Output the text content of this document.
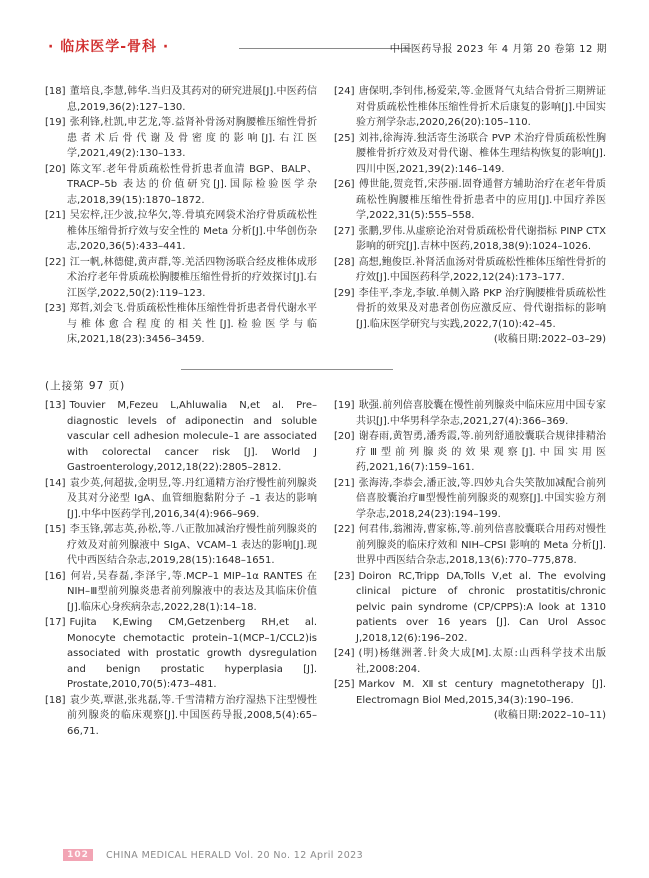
· 临床医学-骨科 ·	中国医药导报 2023 年 4 月第 20 卷第 12 期

[18] 董培良,李慧,韩华.当归及其药对的研究进展[J].中医药信息,2019,36(2):127–130.

[19] 张利锋,杜凯,申艺龙,等.益肾补骨汤对胸腰椎压缩性骨折患者术后骨代谢及骨密度的影响[J].右江医学,2021,49(2):130–133.

[20] 陈文军.老年骨质疏松性骨折患者血清 BGP、BALP、TRACP–5b 表达的价值研究[J].国际检验医学杂志,2018,39(15):1870–1872.

[21] 吴宏梓,汪少波,拉华欠,等.骨填充网袋术治疗骨质疏松性椎体压缩骨折疗效与安全性的 Meta 分析[J].中华创伤杂志,2020,36(5):433–441.

[22] 江一帆,林德健,黄声群,等.羌活四物汤联合经皮椎体成形术治疗老年骨质疏松胸腰椎压缩性骨折的疗效探讨[J].右江医学,2022,50(2):119–123.

[23] 郑哲,刘会飞.骨质疏松性椎体压缩性骨折患者骨代谢水平与椎体愈合程度的相关性[J].检验医学与临床,2021,18(23):3456–3459.

[24] 唐保明,李钊伟,杨爱荣,等.金匮肾气丸结合骨折三期辨证对骨质疏松性椎体压缩性骨折术后康复的影响[J].中国实验方剂学杂志,2020,26(20):105–110.

[25] 刘祎,徐海涛.独活寄生汤联合 PVP 术治疗骨质疏松性胸腰椎骨折疗效及对骨代谢、椎体生理结构恢复的影响[J].四川中医,2021,39(2):146–149.

[26] 傅世能,贺竞哲,宋莎丽.固脊通督方辅助治疗在老年骨质疏松性胸腰椎压缩性骨折患者中的应用[J].中国疗养医学,2022,31(5):555–558.

[27] 张鹏,罗伟.从虚瘀论治对骨质疏松骨代谢指标 PINP CTX 影响的研究[J].吉林中医药,2018,38(9):1024–1026.

[28] 高想,鲍俊臣.补肾活血汤对骨质疏松性椎体压缩性骨折的疗效[J].中国医药科学,2022,12(24):173–177.

[29] 李佳平,李龙,李敏.单侧入路 PKP 治疗胸腰椎骨质疏松性骨折的效果及对患者创伤应激反应、骨代谢指标的影响[J].临床医学研究与实践,2022,7(10):42–45.

(收稿日期:2022–03–29)

(上接第 97 页)

[13] Touvier M,Fezeu L,Ahluwalia N,et al. Pre–diagnostic levels of adiponectin and soluble vascular cell adhesion molecule–1 are associated with colorectal cancer risk [J]. World J Gastroenterology,2012,18(22):2805–2812.

[14] 袁少英,何超拔,金明昱,等.丹红通精方治疗慢性前列腺炎及其对分泌型 IgA、血管细胞黏附分子 –1 表达的影响[J].中华中医药学刊,2016,34(4):966–969.

[15] 李玉锋,郭志英,孙松,等.八正散加减治疗慢性前列腺炎的疗效及对前列腺液中 SIgA、VCAM–1 表达的影响[J].现代中西医结合杂志,2019,28(15):1648–1651.

[16] 何岩,吴春磊,李泽宇,等.MCP–1 MIP–1α RANTES 在 NIH–Ⅲ型前列腺炎患者前列腺液中的表达及其临床价值[J].临床心身疾病杂志,2022,28(1):14–18.

[17] Fujita K,Ewing CM,Getzenberg RH,et al. Monocyte chemotactic protein–1(MCP–1/CCL2)is associated with prostatic growth dysregulation and benign prostatic hyperplasia [J]. Prostate,2010,70(5):473–481.

[18] 袁少英,覃湛,张兆磊,等.千雪清精方治疗湿热下注型慢性前列腺炎的临床观察[J].中国医药导报,2008,5(4):65–66,71.

[19] 耿强.前列倍喜胶囊在慢性前列腺炎中临床应用中国专家共识[J].中华男科学杂志,2021,27(4):366–369.

[20] 谢春雨,黄智勇,潘秀霞,等.前列舒通胶囊联合规律排精治疗Ⅲ型前列腺炎的效果观察[J].中国实用医药,2021,16(7):159–161.

[21] 张海涛,李恭会,潘正波,等.四妙丸合失笑散加减配合前列倍喜胶囊治疗Ⅲ型慢性前列腺炎的观察[J].中国实验方剂学杂志,2018,24(23):194–199.

[22] 何君伟,翁湘涛,曹家栋,等.前列倍喜胶囊联合用药对慢性前列腺炎的临床疗效和 NIH–CPSI 影响的 Meta 分析[J].世界中西医结合杂志,2018,13(6):770–775,878.

[23] Doiron RC,Tripp DA,Tolls V,et al. The evolving clinical picture of chronic prostatitis/chronic pelvic pain syndrome (CP/CPPS):A look at 1310 patients over 16 years [J]. Can Urol Assoc J,2018,12(6):196–202.

[24] (明)杨继洲著.针灸大成[M].太原:山西科学技术出版社,2008:204.

[25] Markov M. Ⅻst century magnetotherapy [J]. Electromagn Biol Med,2015,34(3):190–196.

(收稿日期:2022–10–11)

102	CHINA MEDICAL HERALD Vol. 20 No. 12 April 2023
